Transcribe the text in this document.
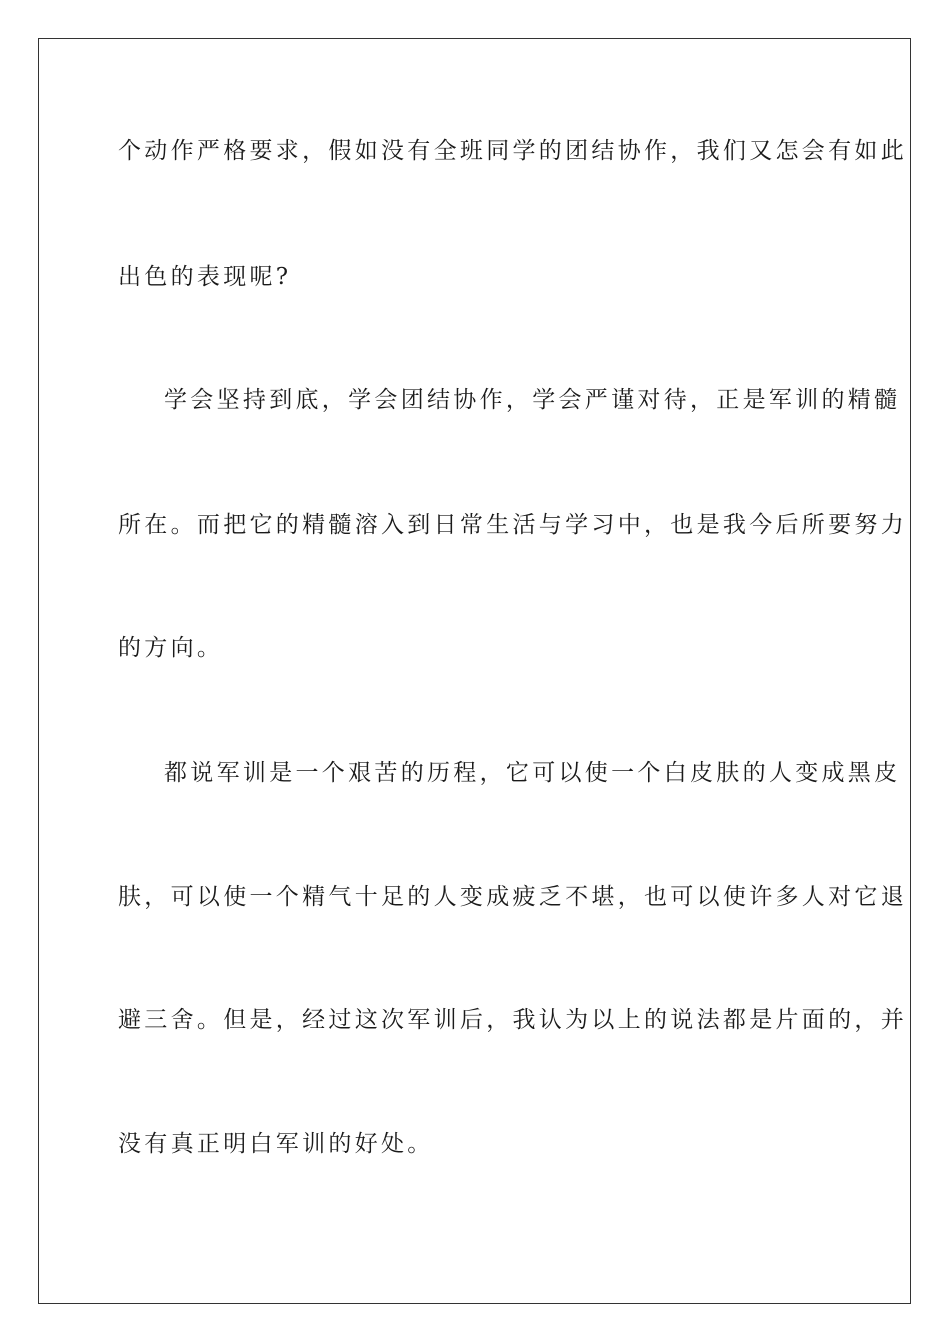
个动作严格要求，假如没有全班同学的团结协作，我们又怎会有如此
出色的表现呢?
学会坚持到底，学会团结协作，学会严谨对待，正是军训的精髓
所在。而把它的精髓溶入到日常生活与学习中，也是我今后所要努力
的方向。
都说军训是一个艰苦的历程，它可以使一个白皮肤的人变成黑皮
肤，可以使一个精气十足的人变成疲乏不堪，也可以使许多人对它退
避三舍。但是，经过这次军训后，我认为以上的说法都是片面的，并
没有真正明白军训的好处。
